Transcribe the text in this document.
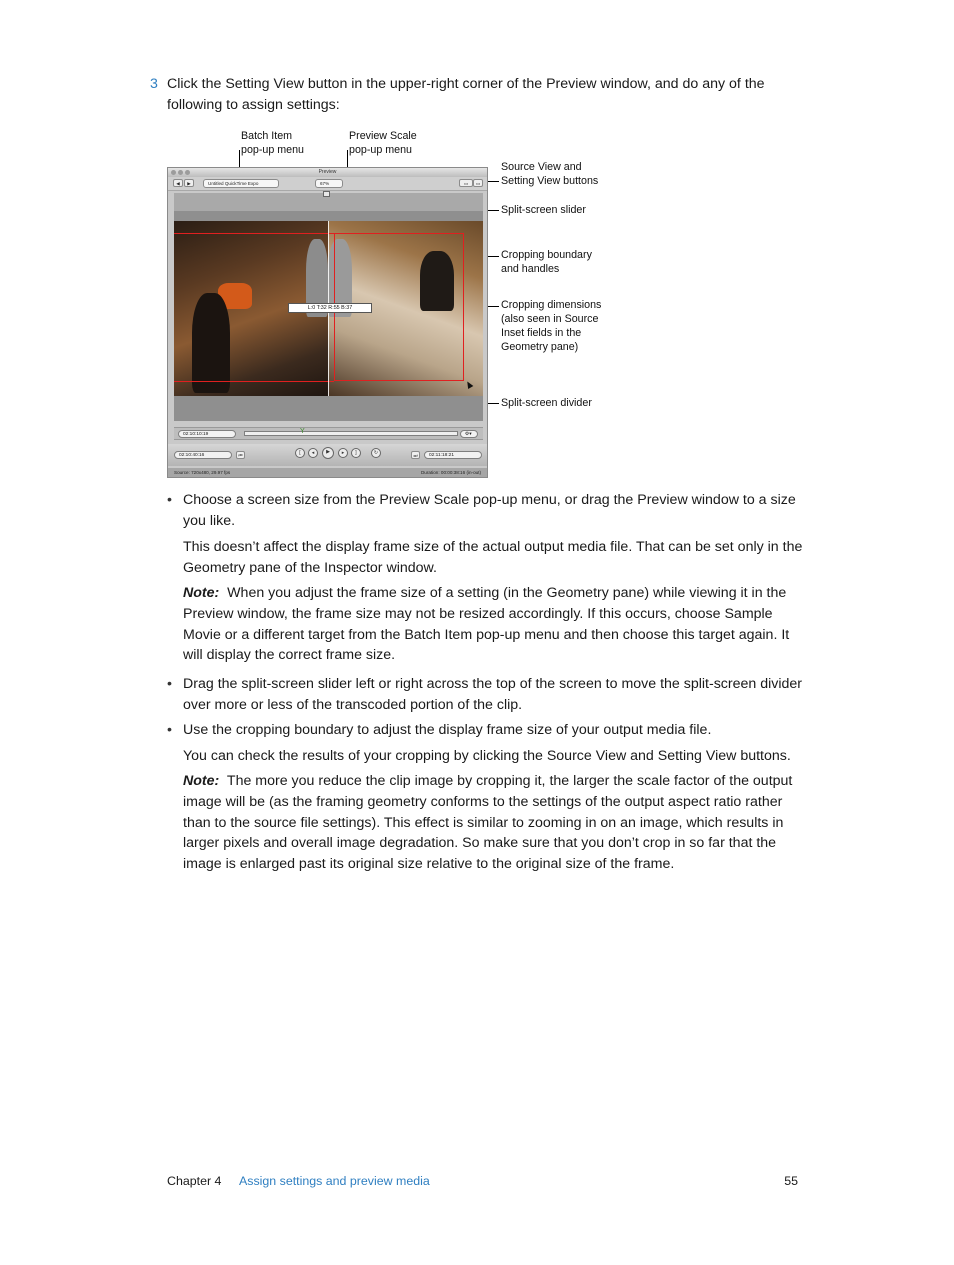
3 Click the Setting View button in the upper-right corner of the Preview window, and do any of the following to assign settings:
Batch Item
pop-up menu
Preview Scale
pop-up menu
Source View and
Setting View buttons
Split-screen slider
Cropping boundary
and handles
Cropping dimensions
(also seen in Source
Inset fields in the
Geometry pane)
Split-screen divider
Preview
◀	▶	Untitled QuickTime Expo	67%	▭	▭
L:0 T:32 R:55 B:37
02:10:10:19	Y	⚙▾
02:10:40:16	⏮	[	◂	▶	▸	]	↻	⏭	02:11:18:21
Source: 720x480, 29.97 fps	Duration: 00:00:38:16 (in-out)
• Choose a screen size from the Preview Scale pop-up menu, or drag the Preview window to a size you like.
This doesn’t affect the display frame size of the actual output media file. That can be set only in the Geometry pane of the Inspector window.
Note: When you adjust the frame size of a setting (in the Geometry pane) while viewing it in the Preview window, the frame size may not be resized accordingly. If this occurs, choose Sample Movie or a different target from the Batch Item pop-up menu and then choose this target again. It will display the correct frame size.
• Drag the split-screen slider left or right across the top of the screen to move the split-screen divider over more or less of the transcoded portion of the clip.
• Use the cropping boundary to adjust the display frame size of your output media file.
You can check the results of your cropping by clicking the Source View and Setting View buttons.
Note: The more you reduce the clip image by cropping it, the larger the scale factor of the output image will be (as the framing geometry conforms to the settings of the output aspect ratio rather than to the source file settings). This effect is similar to zooming in on an image, which results in larger pixels and overall image degradation. So make sure that you don’t crop in so far that the image is enlarged past its original size relative to the original size of the frame.
Chapter 4 Assign settings and preview media	55
